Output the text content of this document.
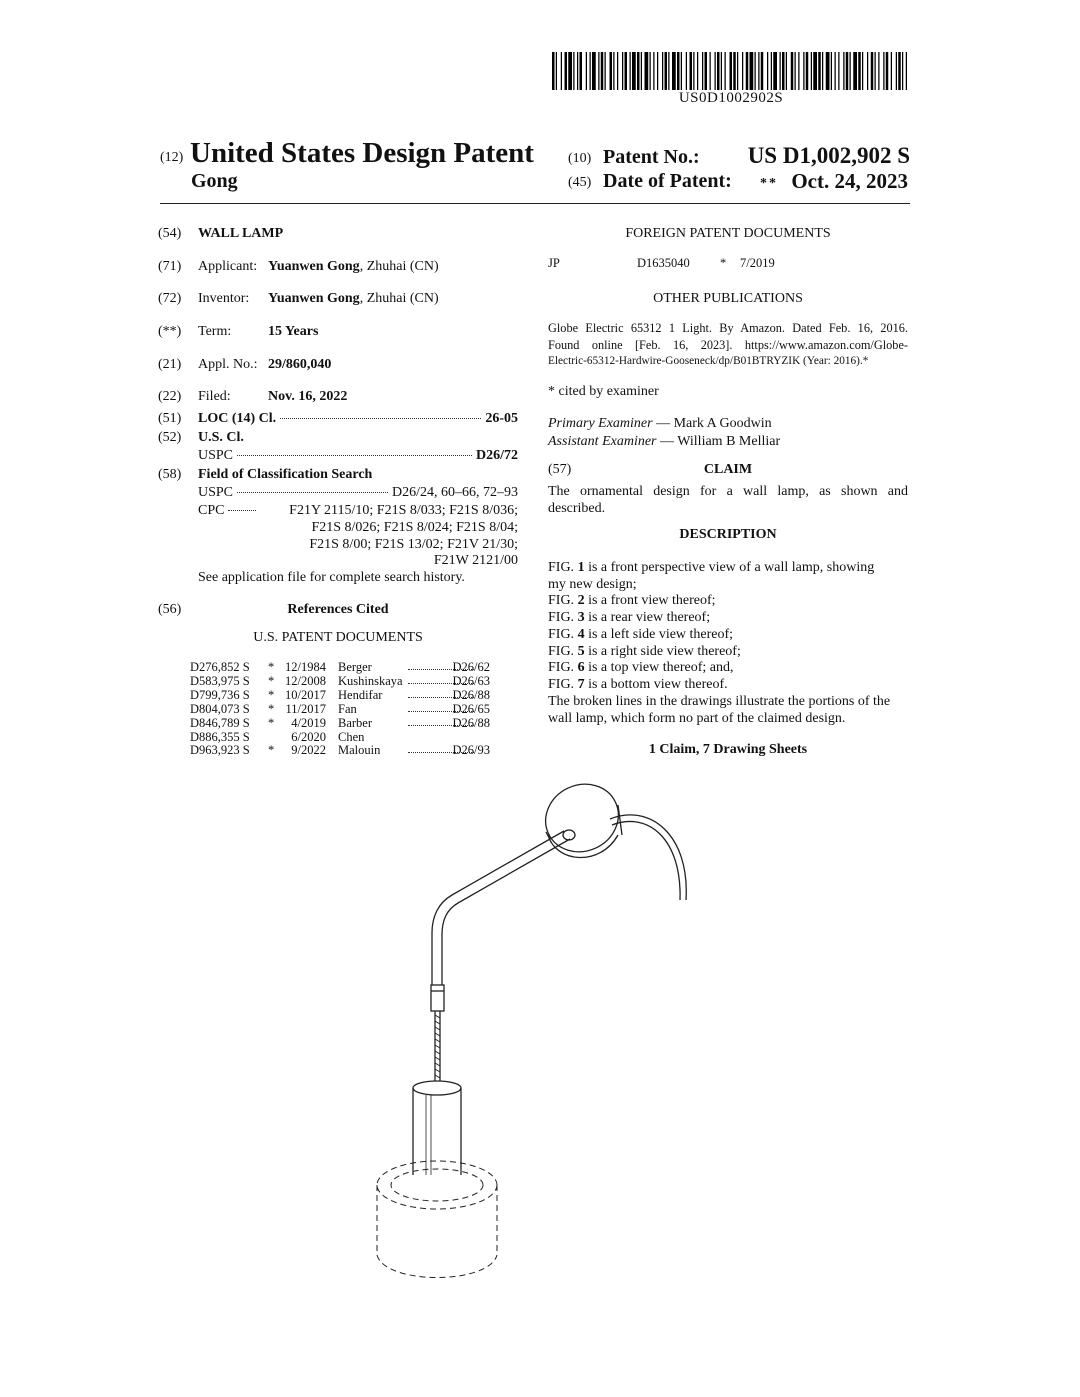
US0D1002902S
(12) United States Design Patent
Gong
(10) Patent No.: US D1,002,902 S
(45) Date of Patent: ** Oct. 24, 2023
(54) WALL LAMP
(71) Applicant: Yuanwen Gong, Zhuhai (CN)
(72) Inventor: Yuanwen Gong, Zhuhai (CN)
(**) Term:	15 Years
(21) Appl. No.: 29/860,040
(22) Filed:	Nov. 16, 2022
(51) LOC (14) Cl.	26-05
(52) U.S. Cl.
USPC	D26/72
(58) Field of Classification Search
USPC	D26/24, 60–66, 72–93
CPC	F21Y 2115/10; F21S 8/033; F21S 8/036;
F21S 8/026; F21S 8/024; F21S 8/04;
F21S 8/00; F21S 13/02; F21V 21/30;
F21W 2121/00
See application file for complete search history.
(56)	References Cited
U.S. PATENT DOCUMENTS
D276,852 S * 12/1984 Berger	D26/62
D583,975 S * 12/2008 Kushinskaya	D26/63
D799,736 S * 10/2017 Hendifar	D26/88
D804,073 S * 11/2017 Fan	D26/65
D846,789 S *	4/2019 Barber	D26/88
D886,355 S	6/2020 Chen
D963,923 S *	9/2022 Malouin	D26/93
FOREIGN PATENT DOCUMENTS
JP	D1635040 * 7/2019
OTHER PUBLICATIONS
Globe Electric 65312 1 Light. By Amazon. Dated Feb. 16, 2016.
Found online [Feb. 16, 2023]. https://www.amazon.com/Globe-
Electric-65312-Hardwire-Gooseneck/dp/B01BTRYZIK (Year: 2016).*
* cited by examiner
Primary Examiner — Mark A Goodwin
Assistant Examiner — William B Melliar
(57)	CLAIM
The ornamental design for a wall lamp, as shown and
described.
DESCRIPTION
FIG. 1 is a front perspective view of a wall lamp, showing
my new design;
FIG. 2 is a front view thereof;
FIG. 3 is a rear view thereof;
FIG. 4 is a left side view thereof;
FIG. 5 is a right side view thereof;
FIG. 6 is a top view thereof; and,
FIG. 7 is a bottom view thereof.
The broken lines in the drawings illustrate the portions of the
wall lamp, which form no part of the claimed design.
1 Claim, 7 Drawing Sheets
